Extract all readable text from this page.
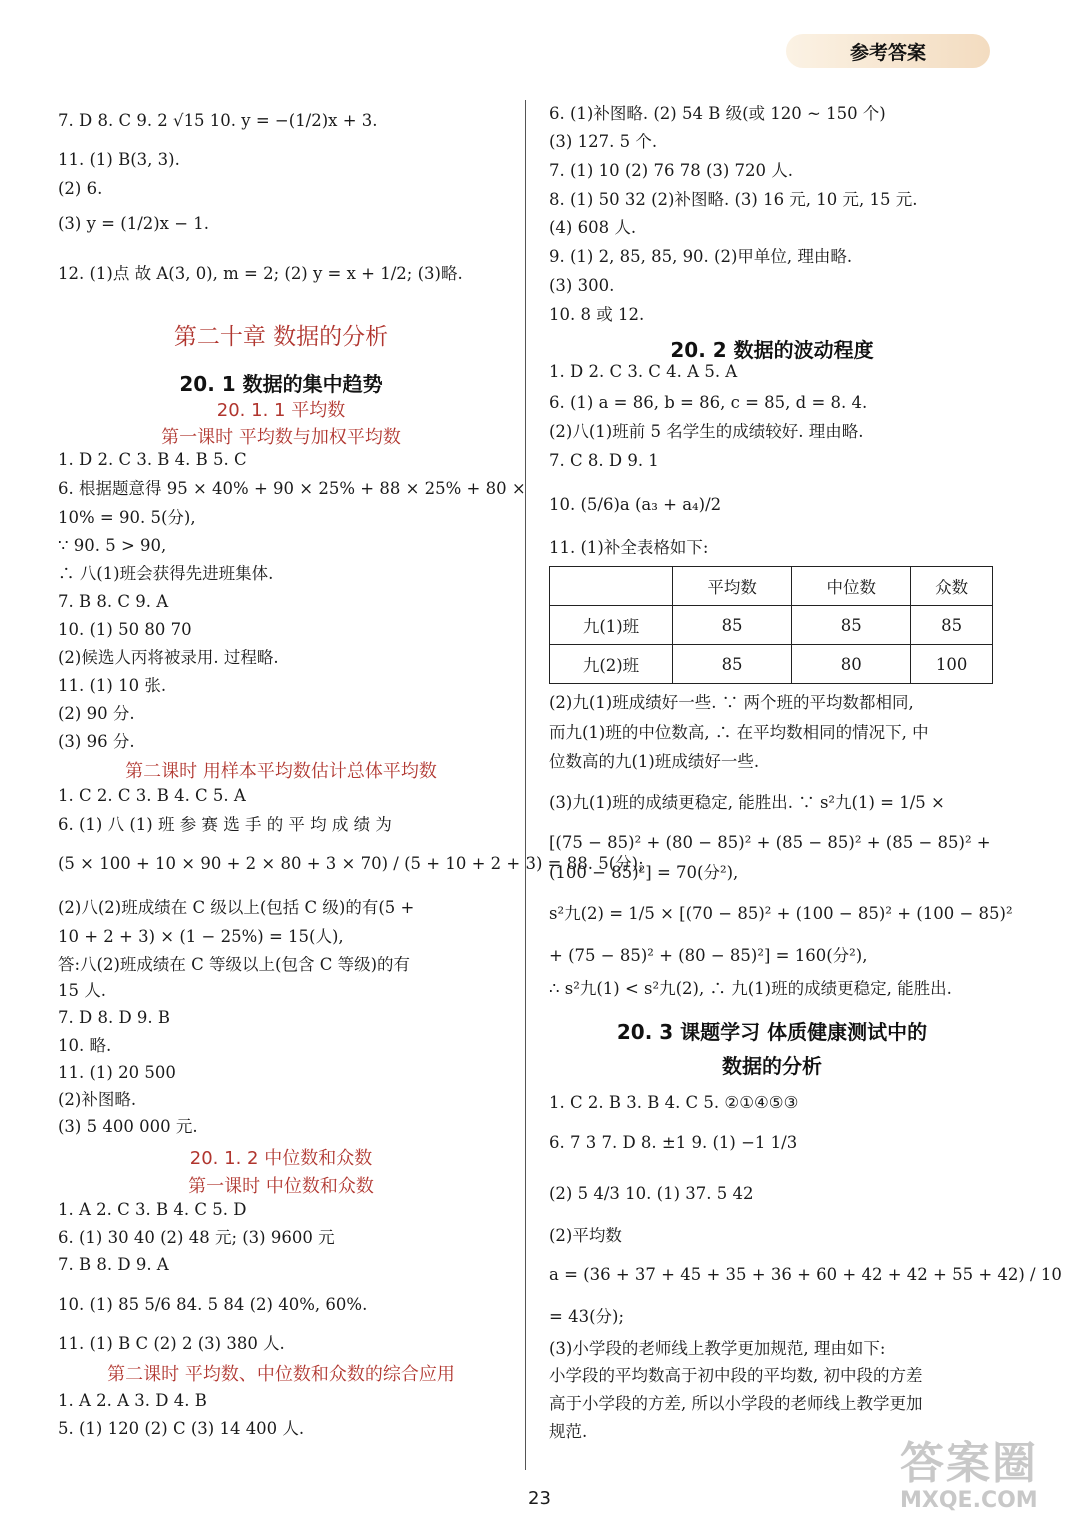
参考答案
7. D 8. C 9. 2 √15 10. y = −(1/2)x + 3.
11. (1) B(3, 3).
(2) 6.
(3) y = (1/2)x − 1.
12. (1)点 故 A(3, 0), m = 2; (2) y = x + 1/2; (3)略.
第二十章 数据的分析
20. 1 数据的集中趋势
20. 1. 1 平均数
第一课时 平均数与加权平均数
1. D 2. C 3. B 4. B 5. C
6. 根据题意得 95 × 40% + 90 × 25% + 88 × 25% + 80 ×
10% = 90. 5(分),
∵ 90. 5 > 90,
∴ 八(1)班会获得先进班集体.
7. B 8. C 9. A
10. (1) 50 80 70
(2)候选人丙将被录用. 过程略.
11. (1) 10 张.
(2) 90 分.
(3) 96 分.
第二课时 用样本平均数估计总体平均数
1. C 2. C 3. B 4. C 5. A
6. (1) 八 (1) 班 参 赛 选 手 的 平 均 成 绩 为
(5 × 100 + 10 × 90 + 2 × 80 + 3 × 70) / (5 + 10 + 2 + 3) = 88. 5(分);
(2)八(2)班成绩在 C 级以上(包括 C 级)的有(5 +
10 + 2 + 3) × (1 − 25%) = 15(人),
答:八(2)班成绩在 C 等级以上(包含 C 等级)的有
15 人.
7. D 8. D 9. B
10. 略.
11. (1) 20 500
(2)补图略.
(3) 5 400 000 元.
20. 1. 2 中位数和众数
第一课时 中位数和众数
1. A 2. C 3. B 4. C 5. D
6. (1) 30 40 (2) 48 元; (3) 9600 元
7. B 8. D 9. A
10. (1) 85 5/6 84. 5 84 (2) 40%, 60%.
11. (1) B C (2) 2 (3) 380 人.
第二课时 平均数、中位数和众数的综合应用
1. A 2. A 3. D 4. B
5. (1) 120 (2) C (3) 14 400 人.
6. (1)补图略. (2) 54 B 级(或 120 ~ 150 个)
(3) 127. 5 个.
7. (1) 10 (2) 76 78 (3) 720 人.
8. (1) 50 32 (2)补图略. (3) 16 元, 10 元, 15 元.
(4) 608 人.
9. (1) 2, 85, 85, 90. (2)甲单位, 理由略.
(3) 300.
10. 8 或 12.
20. 2 数据的波动程度
1. D 2. C 3. C 4. A 5. A
6. (1) a = 86, b = 86, c = 85, d = 8. 4.
(2)八(1)班前 5 名学生的成绩较好. 理由略.
7. C 8. D 9. 1
10. (5/6)a (a₃ + a₄)/2
11. (1)补全表格如下:
	平均数	中位数	众数
九(1)班	85	85	85
九(2)班	85	80	100
(2)九(1)班成绩好一些. ∵ 两个班的平均数都相同,
而九(1)班的中位数高, ∴ 在平均数相同的情况下, 中
位数高的九(1)班成绩好一些.
(3)九(1)班的成绩更稳定, 能胜出. ∵ s²九(1) = 1/5 ×
[(75 − 85)² + (80 − 85)² + (85 − 85)² + (85 − 85)² +
(100 − 85)²] = 70(分²),
s²九(2) = 1/5 × [(70 − 85)² + (100 − 85)² + (100 − 85)²
+ (75 − 85)² + (80 − 85)²] = 160(分²),
∴ s²九(1) < s²九(2), ∴ 九(1)班的成绩更稳定, 能胜出.
20. 3 课题学习 体质健康测试中的
数据的分析
1. C 2. B 3. B 4. C 5. ②①④⑤③
6. 7 3 7. D 8. ±1 9. (1) −1 1/3
(2) 5 4/3 10. (1) 37. 5 42
(2)平均数
a = (36 + 37 + 45 + 35 + 36 + 60 + 42 + 42 + 55 + 42) / 10
= 43(分);
(3)小学段的老师线上教学更加规范, 理由如下:
小学段的平均数高于初中段的平均数, 初中段的方差
高于小学段的方差, 所以小学段的老师线上教学更加
规范.
23
答案圈
MXQE.COM
